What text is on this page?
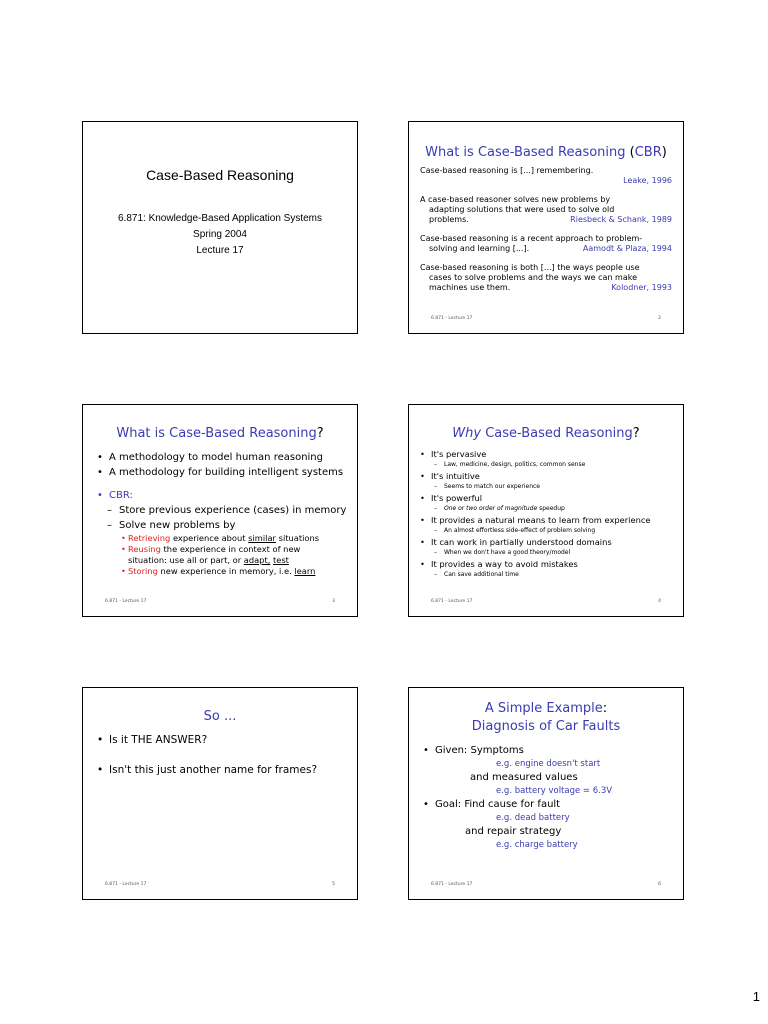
Case-Based Reasoning
6.871: Knowledge-Based Application Systems
Spring 2004
Lecture 17
What is Case-Based Reasoning (CBR)
Case-based reasoning is [...] remembering.
Leake, 1996
A case-based reasoner solves new problems by
adapting solutions that were used to solve old
problems.	Riesbeck & Schank, 1989
Case-based reasoning is a recent approach to problem-
solving and learning [...].	Aamodt & Plaza, 1994
Case-based reasoning is both [...] the ways people use
cases to solve problems and the ways we can make
machines use them.	Kolodner, 1993
6.871 - Lecture 17	2
What is Case-Based Reasoning?
• A methodology to model human reasoning
• A methodology for building intelligent systems
• CBR:
– Store previous experience (cases) in memory
– Solve new problems by
• Retrieving experience about similar situations
• Reusing the experience in context of new
situation: use all or part, or adapt, test
• Storing new experience in memory, i.e. learn
6.871 - Lecture 17	3
Why Case-Based Reasoning?
• It's pervasive
– Law, medicine, design, politics, common sense
• It's intuitive
– Seems to match our experience
• It's powerful
– One or two order of magnitude speedup
• It provides a natural means to learn from experience
– An almost effortless side-effect of problem solving
• It can work in partially understood domains
– When we don't have a good theory/model
• It provides a way to avoid mistakes
– Can save additional time
6.871 - Lecture 17	4
So ...
• Is it THE ANSWER?
• Isn't this just another name for frames?
6.871 - Lecture 17	5
A Simple Example:
Diagnosis of Car Faults
• Given: Symptoms
e.g. engine doesn't start
and measured values
e.g. battery voltage = 6.3V
• Goal: Find cause for fault
e.g. dead battery
and repair strategy
e.g. charge battery
6.871 - Lecture 17	6
1
